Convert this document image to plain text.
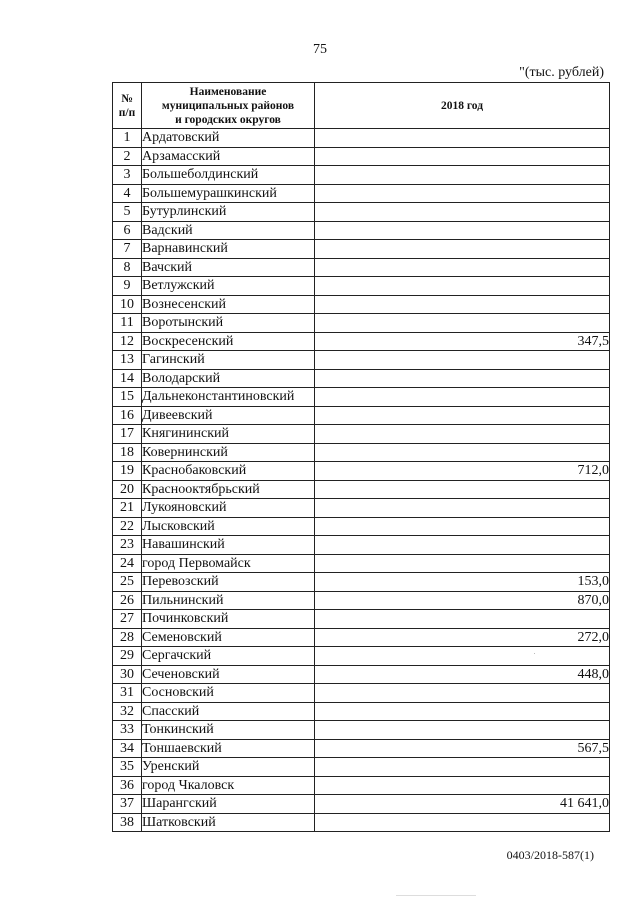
75
"(тыс. рублей)
№
п/п	Наименование
муниципальных районов
и городских округов	2018 год
1	Ардатовский	
2	Арзамасский	
3	Большеболдинский	
4	Большемурашкинский	
5	Бутурлинский	
6	Вадский	
7	Варнавинский	
8	Вачский	
9	Ветлужский	
10	Вознесенский	
11	Воротынский	
12	Воскресенский	347,5
13	Гагинский	
14	Володарский	
15	Дальнеконстантиновский	
16	Дивеевский	
17	Княгининский	
18	Ковернинский	
19	Краснобаковский	712,0
20	Краснооктябрьский	
21	Лукояновский	
22	Лысковский	
23	Навашинский	
24	город Первомайск	
25	Перевозский	153,0
26	Пильнинский	870,0
27	Починковский	
28	Семеновский	272,0
29	Сергачский	
30	Сеченовский	448,0
31	Сосновский	
32	Спасский	
33	Тонкинский	
34	Тоншаевский	567,5
35	Уренский	
36	город Чкаловск	
37	Шарангский	41 641,0
38	Шатковский	
0403/2018-587(1)
